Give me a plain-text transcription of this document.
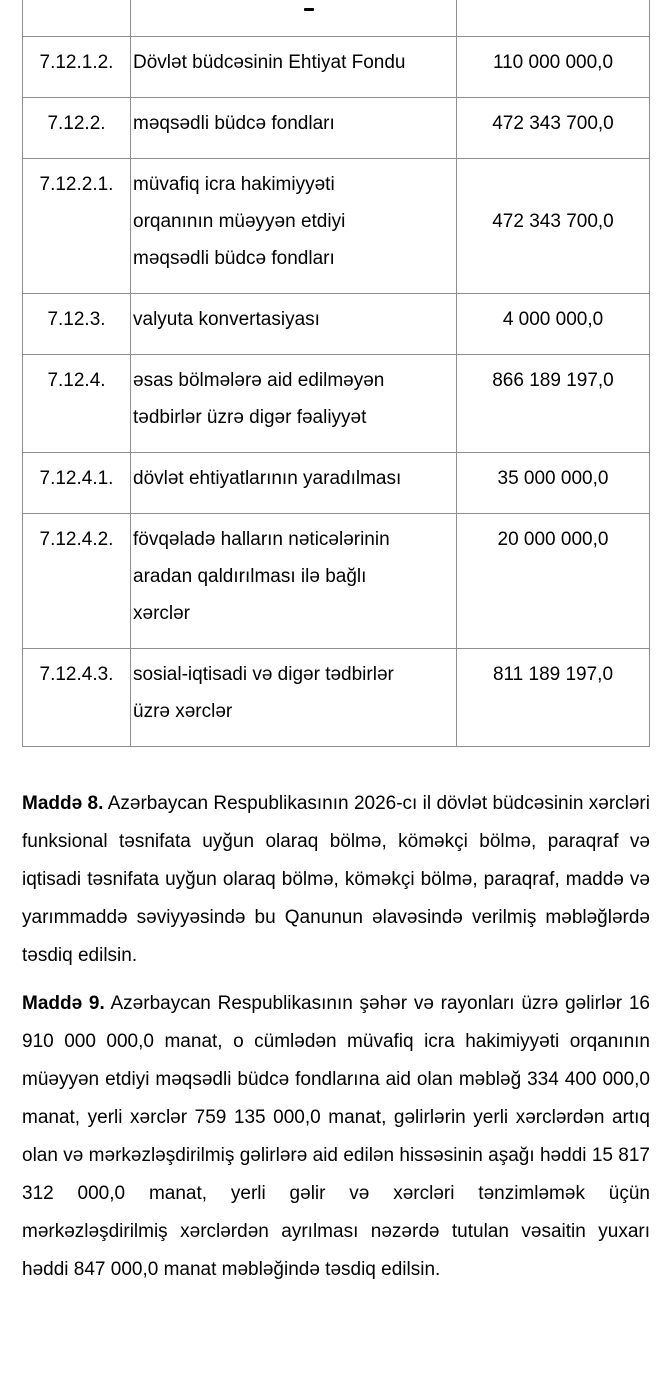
7.12.1.2.	Dövlət büdcəsinin Ehtiyat Fondu	110 000 000,0
7.12.2.	məqsədli büdcə fondları	472 343 700,0
7.12.2.1.	müvafiq icra hakimiyyəti
orqanının müəyyən etdiyi
məqsədli büdcə fondları	472 343 700,0
7.12.3.	valyuta konvertasiyası	4 000 000,0
7.12.4.	əsas bölmələrə aid edilməyən
tədbirlər üzrə digər fəaliyyət	866 189 197,0
7.12.4.1.	dövlət ehtiyatlarının yaradılması	35 000 000,0
7.12.4.2.	fövqəladə halların nəticələrinin
aradan qaldırılması ilə bağlı
xərclər	20 000 000,0
7.12.4.3.	sosial-iqtisadi və digər tədbirlər
üzrə xərclər	811 189 197,0

Maddə 8. Azərbaycan Respublikasının 2026-cı il dövlət büdcəsinin xərcləri funksional təsnifata uyğun olaraq bölmə, köməkçi bölmə, paraqraf və iqtisadi təsnifata uyğun olaraq bölmə, köməkçi bölmə, paraqraf, maddə və yarımmaddə səviyyəsində bu Qanunun əlavəsində verilmiş məbləğlərdə təsdiq edilsin.

Maddə 9. Azərbaycan Respublikasının şəhər və rayonları üzrə gəlirlər 16 910 000 000,0 manat, o cümlədən müvafiq icra hakimiyyəti orqanının müəyyən etdiyi məqsədli büdcə fondlarına aid olan məbləğ 334 400 000,0 manat, yerli xərclər 759 135 000,0 manat, gəlirlərin yerli xərclərdən artıq olan və mərkəzləşdirilmiş gəlirlərə aid edilən hissəsinin aşağı həddi 15 817 312 000,0 manat, yerli gəlir və xərcləri tənzimləmək üçün mərkəzləşdirilmiş xərclərdən ayrılması nəzərdə tutulan vəsaitin yuxarı həddi 847 000,0 manat məbləğində təsdiq edilsin.
